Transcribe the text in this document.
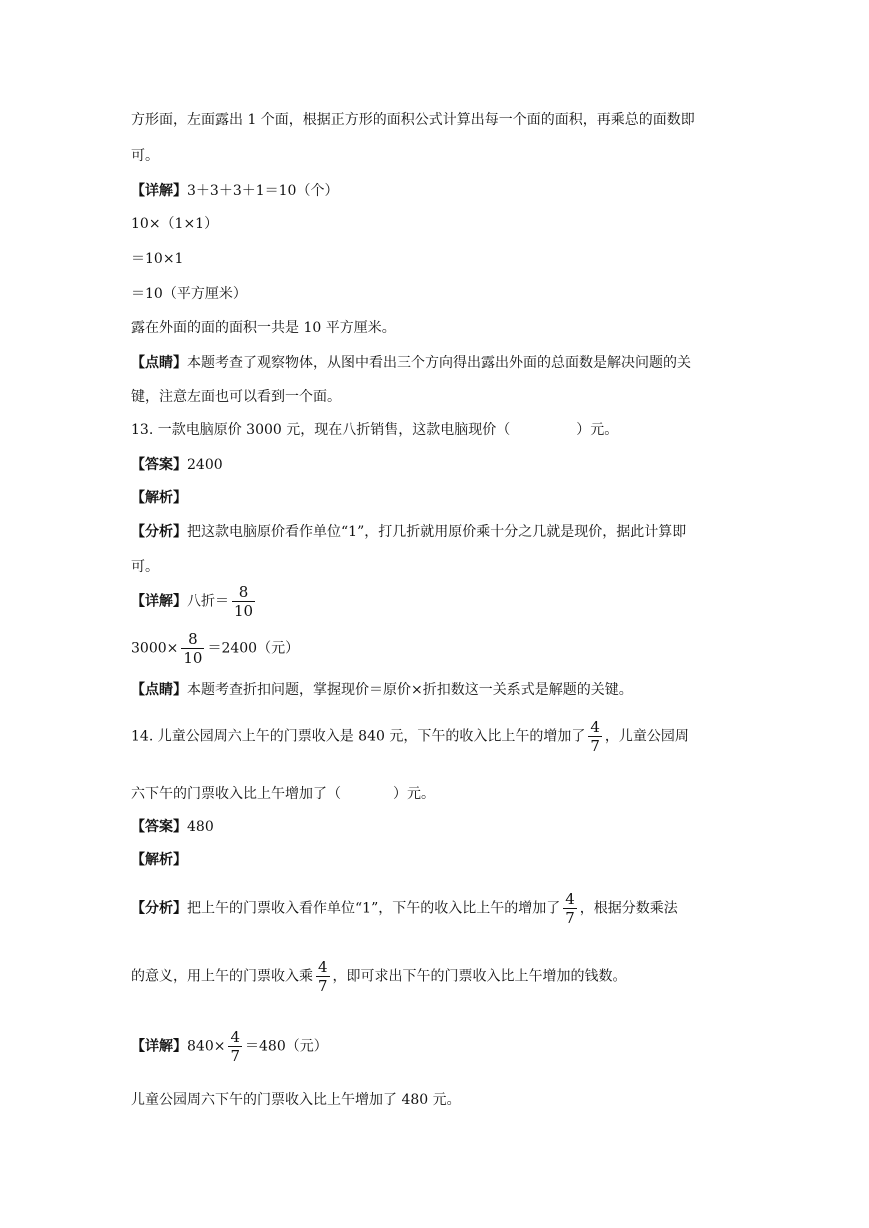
方形面，左面露出 1 个面，根据正方形的面积公式计算出每一个面的面积，再乘总的面数即
可。
【详解】3＋3＋3＋1＝10（个）
10×（1×1）
＝10×1
＝10（平方厘米）
露在外面的面的面积一共是 10 平方厘米。
【点睛】本题考查了观察物体，从图中看出三个方向得出露出外面的总面数是解决问题的关
键，注意左面也可以看到一个面。
13. 一款电脑原价 3000 元，现在八折销售，这款电脑现价（	）元。
【答案】2400
【解析】
【分析】把这款电脑原价看作单位“1”，打几折就用原价乘十分之几就是现价，据此计算即
可。
【详解】八折＝ $\frac{8}{10}$
$3000\times \frac{8}{10} =2400$（元）
【点睛】本题考查折扣问题，掌握现价＝原价×折扣数这一关系式是解题的关键。
14. 儿童公园周六上午的门票收入是 840 元，下午的收入比上午的增加了 $\frac{4}{7}$ ，儿童公园周
六下午的门票收入比上午增加了（	）元。
【答案】480
【解析】
【分析】把上午的门票收入看作单位“1”，下午的收入比上午的增加了 $\frac{4}{7}$ ，根据分数乘法
的意义，用上午的门票收入乘 $\frac{4}{7}$ ，即可求出下午的门票收入比上午增加的钱数。
【详解】$840\times \frac{4}{7} =480$（元）
儿童公园周六下午的门票收入比上午增加了 480 元。
